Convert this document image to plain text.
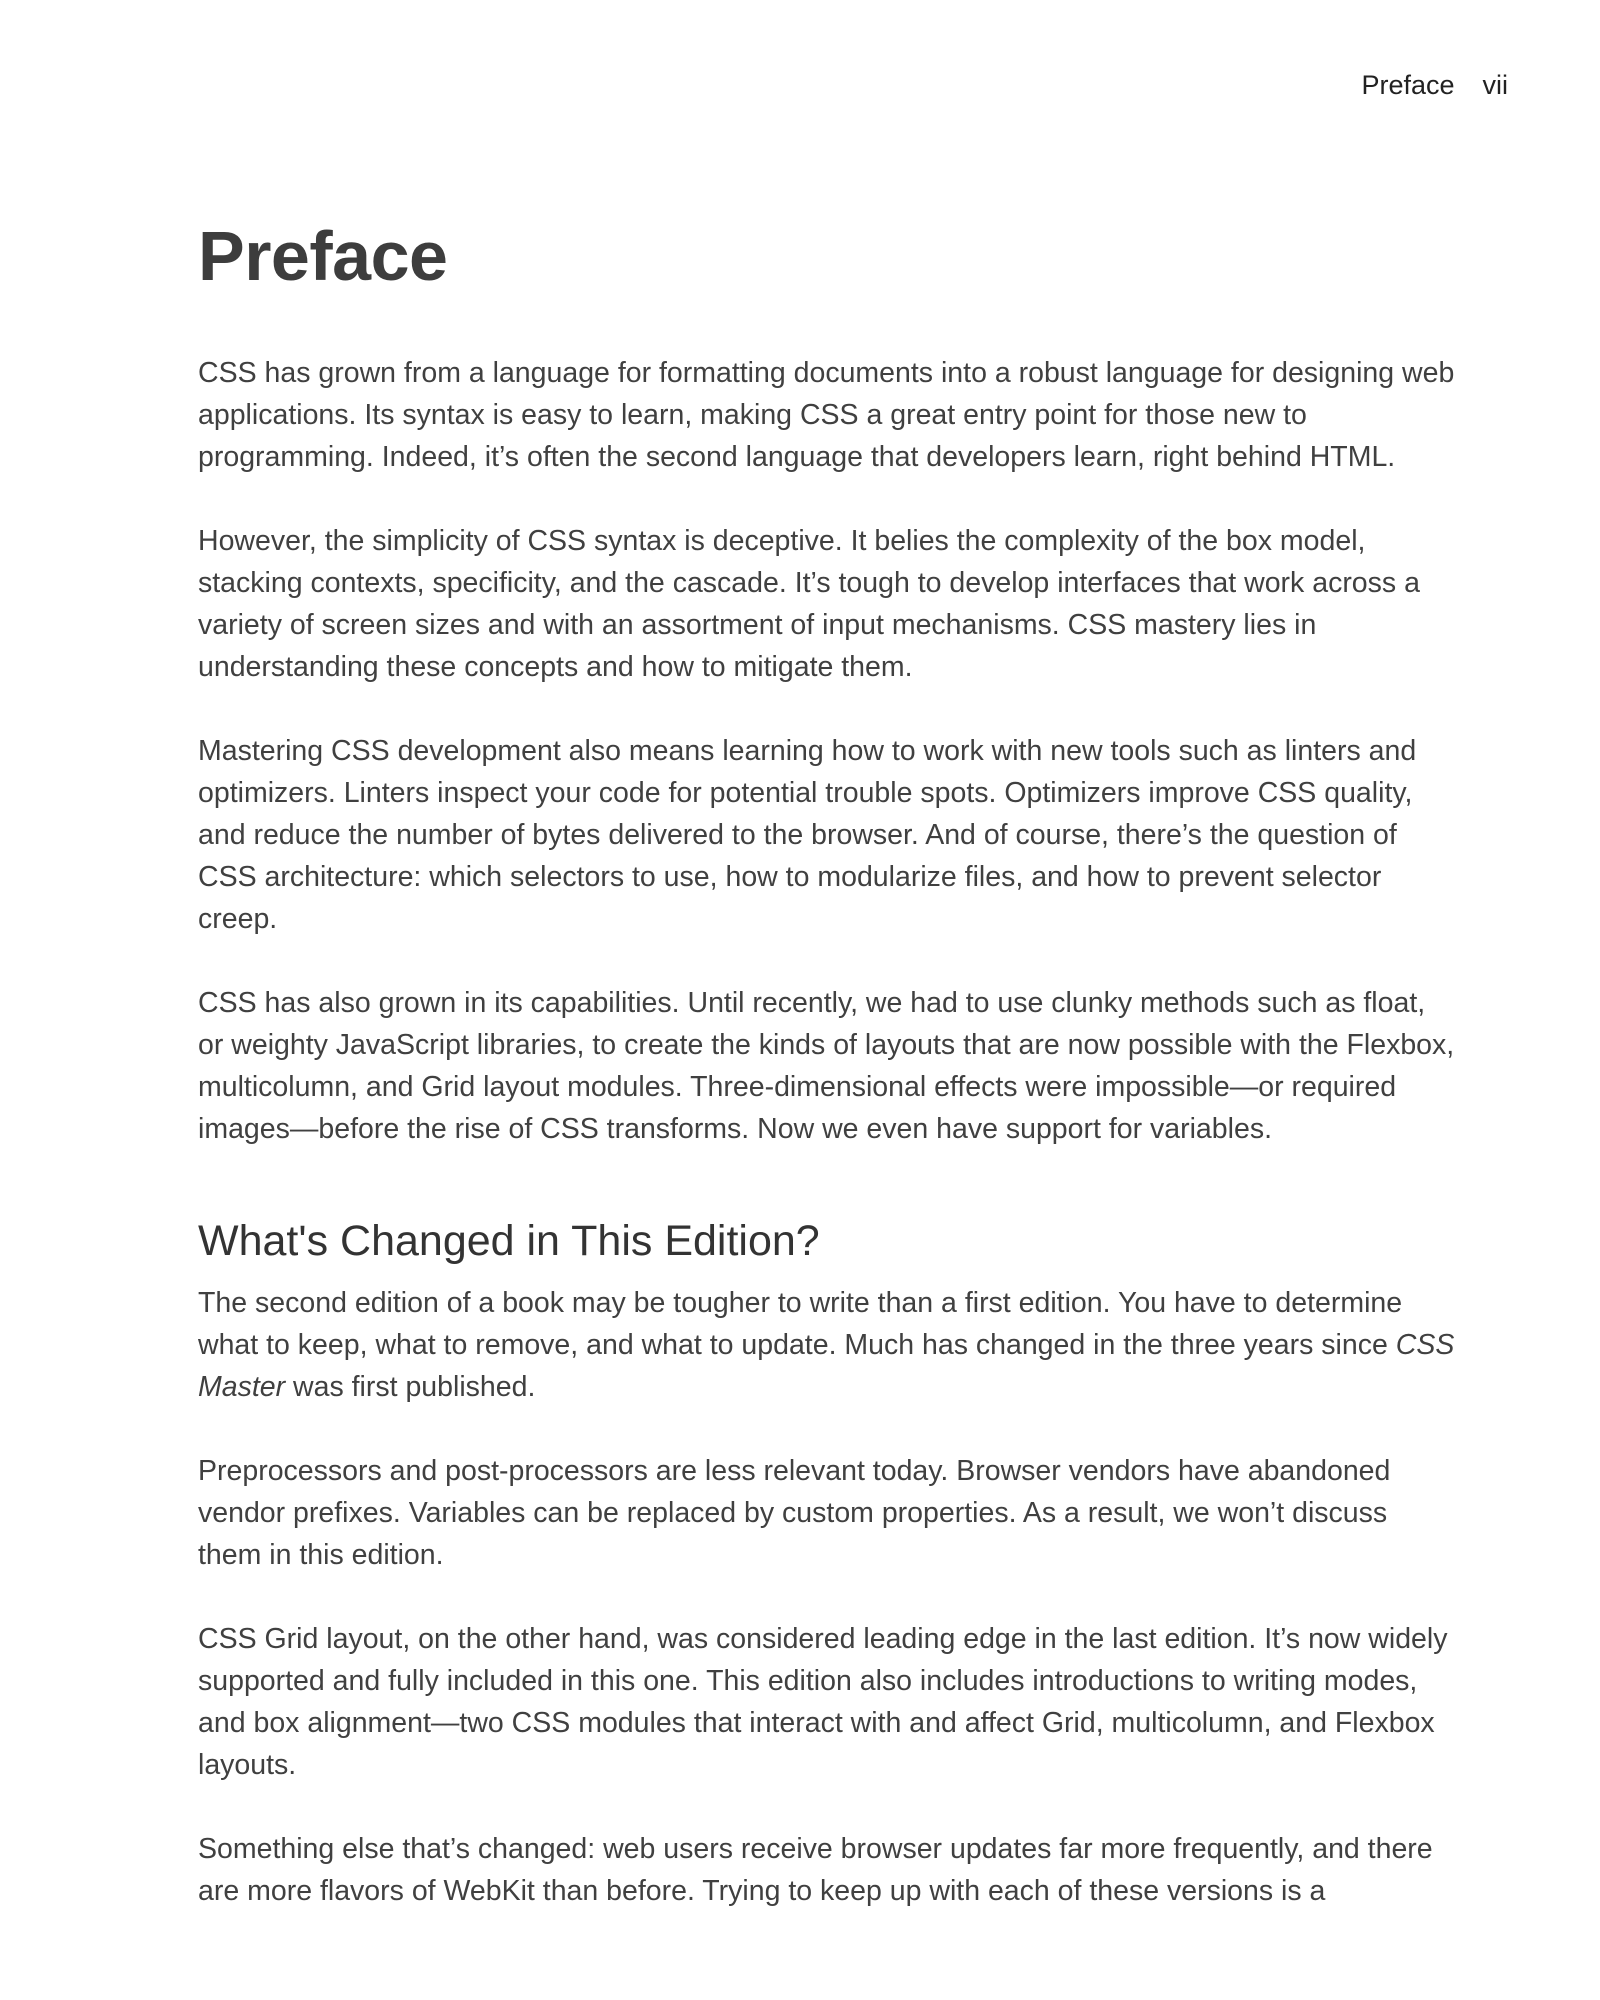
Preface vii
Preface

CSS has grown from a language for formatting documents into a robust language for designing web applications. Its syntax is easy to learn, making CSS a great entry point for those new to programming. Indeed, it’s often the second language that developers learn, right behind HTML.

However, the simplicity of CSS syntax is deceptive. It belies the complexity of the box model, stacking contexts, specificity, and the cascade. It’s tough to develop interfaces that work across a variety of screen sizes and with an assortment of input mechanisms. CSS mastery lies in understanding these concepts and how to mitigate them.

Mastering CSS development also means learning how to work with new tools such as linters and optimizers. Linters inspect your code for potential trouble spots. Optimizers improve CSS quality, and reduce the number of bytes delivered to the browser. And of course, there’s the question of CSS architecture: which selectors to use, how to modularize files, and how to prevent selector creep.

CSS has also grown in its capabilities. Until recently, we had to use clunky methods such as float, or weighty JavaScript libraries, to create the kinds of layouts that are now possible with the Flexbox, multicolumn, and Grid layout modules. Three-dimensional effects were impossible—or required images—before the rise of CSS transforms. Now we even have support for variables.

What's Changed in This Edition?

The second edition of a book may be tougher to write than a first edition. You have to determine what to keep, what to remove, and what to update. Much has changed in the three years since CSS Master was first published.

Preprocessors and post-processors are less relevant today. Browser vendors have abandoned vendor prefixes. Variables can be replaced by custom properties. As a result, we won’t discuss them in this edition.

CSS Grid layout, on the other hand, was considered leading edge in the last edition. It’s now widely supported and fully included in this one. This edition also includes introductions to writing modes, and box alignment—two CSS modules that interact with and affect Grid, multicolumn, and Flexbox layouts.

Something else that’s changed: web users receive browser updates far more frequently, and there are more flavors of WebKit than before. Trying to keep up with each of these versions is a
